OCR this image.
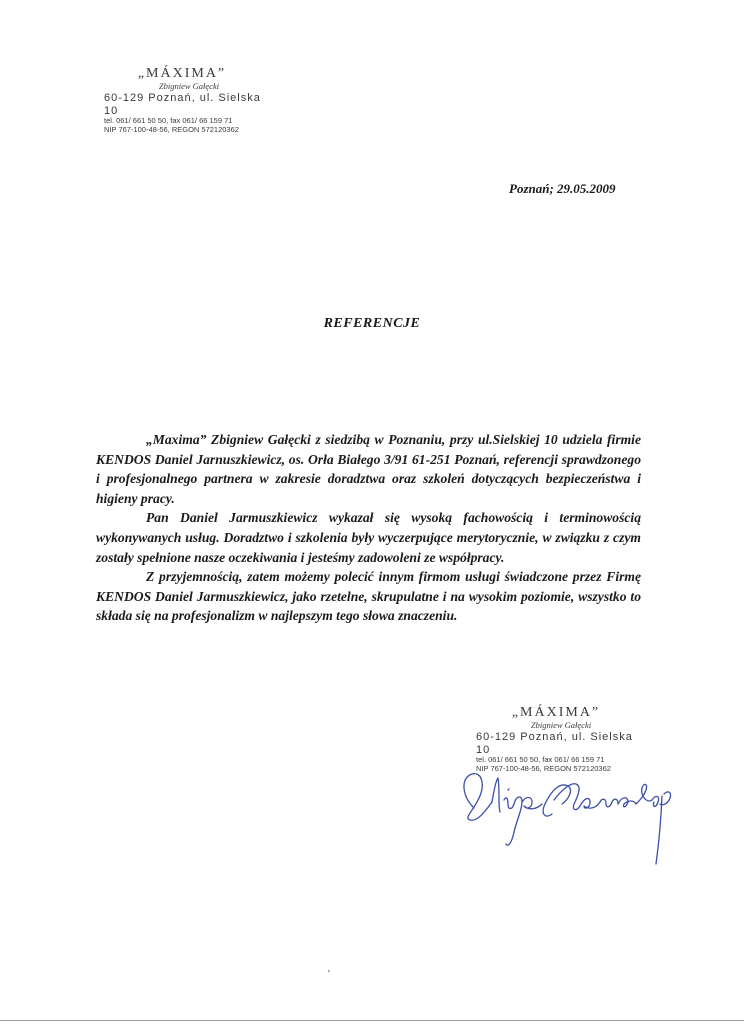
„MÁXIMA”
Zbigniew Gałęcki
60-129 Poznań, ul. Sielska 10
tel. 061/ 661 50 50, fax 061/ 66 159 71
NIP 767-100-48-56, REGON 572120362
Poznań; 29.05.2009
REFERENCJE

„Maxima” Zbigniew Gałęcki z siedzibą w Poznaniu, przy ul.Sielskiej 10 udziela firmie KENDOS Daniel Jarnuszkiewicz, os. Orła Białego 3/91 61-251 Poznań, referencji sprawdzonego i profesjonalnego partnera w zakresie doradztwa oraz szkoleń dotyczących bezpieczeństwa i higieny pracy.

Pan Daniel Jarmuszkiewicz wykazał się wysoką fachowością i terminowością wykonywanych usług. Doradztwo i szkolenia były wyczerpujące merytorycznie, w związku z czym zostały spełnione nasze oczekiwania i jesteśmy zadowoleni ze współpracy.

Z przyjemnością, zatem możemy polecić innym firmom usługi świadczone przez Firmę KENDOS Daniel Jarmuszkiewicz, jako rzetelne, skrupulatne i na wysokim poziomie, wszystko to składa się na profesjonalizm w najlepszym tego słowa znaczeniu.

„MÁXIMA”
Zbigniew Gałęcki
60-129 Poznań, ul. Sielska 10
tel. 061/ 661 50 50, fax 061/ 66 159 71
NIP 767-100-48-56, REGON 572120362
'
